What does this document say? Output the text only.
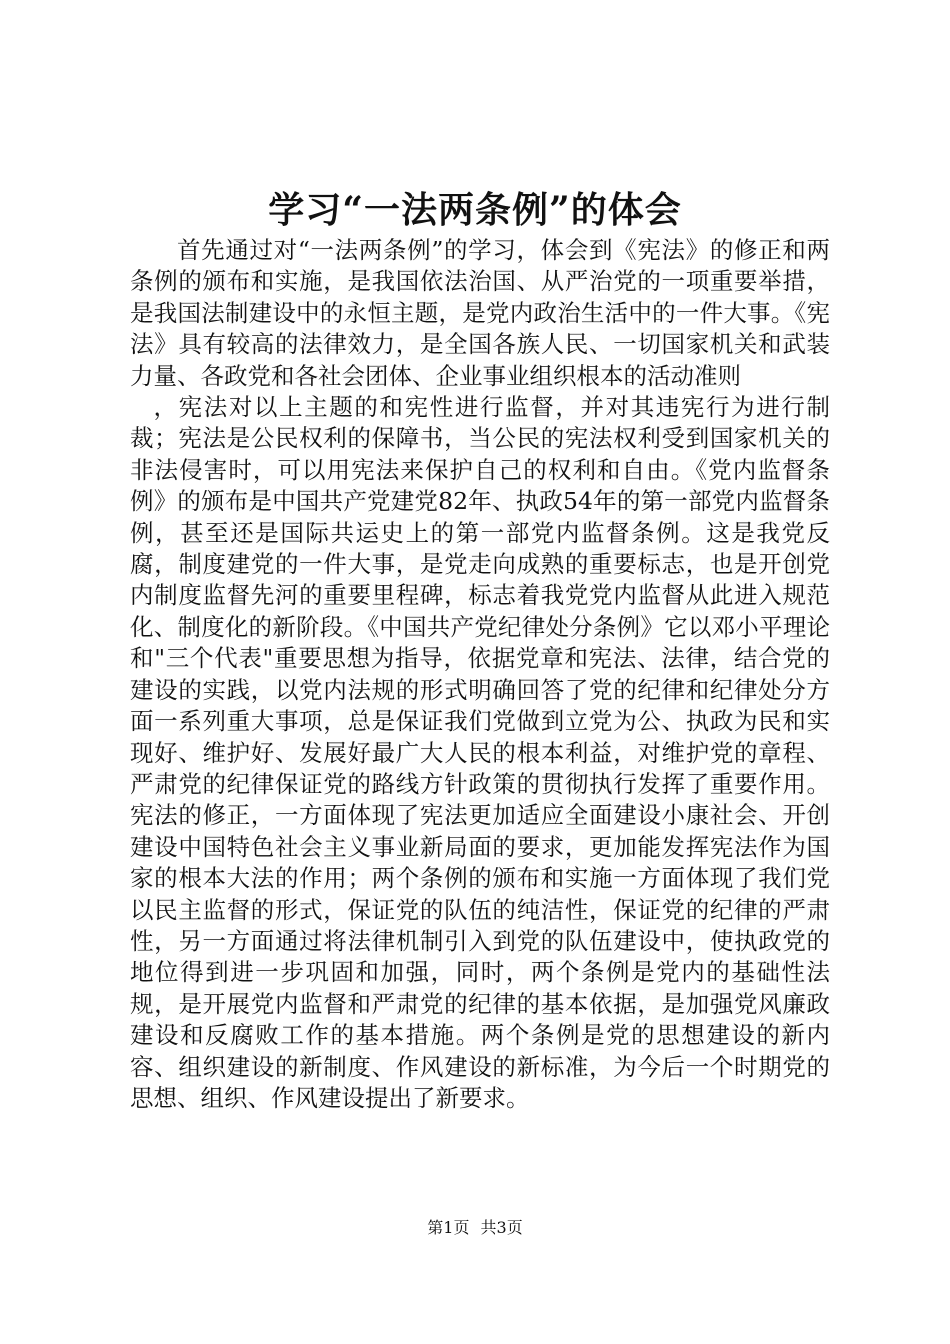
学习“一法两条例”的体会

首先通过对“一法两条例”的学习，体会到《宪法》的修正和两条例的颁布和实施，是我国依法治国、从严治党的一项重要举措，是我国法制建设中的永恒主题，是党内政治生活中的一件大事。《宪法》具有较高的法律效力，是全国各族人民、一切国家机关和武装力量、各政党和各社会团体、企业事业组织根本的活动准则

，宪法对以上主题的和宪性进行监督，并对其违宪行为进行制裁；宪法是公民权利的保障书，当公民的宪法权利受到国家机关的非法侵害时，可以用宪法来保护自己的权利和自由。《党内监督条例》的颁布是中国共产党建党82年、执政54年的第一部党内监督条例，甚至还是国际共运史上的第一部党内监督条例。这是我党反腐，制度建党的一件大事，是党走向成熟的重要标志，也是开创党内制度监督先河的重要里程碑，标志着我党党内监督从此进入规范化、制度化的新阶段。《中国共产党纪律处分条例》它以邓小平理论和"三个代表"重要思想为指导，依据党章和宪法、法律，结合党的建设的实践，以党内法规的形式明确回答了党的纪律和纪律处分方面一系列重大事项，总是保证我们党做到立党为公、执政为民和实现好、维护好、发展好最广大人民的根本利益，对维护党的章程、严肃党的纪律保证党的路线方针政策的贯彻执行发挥了重要作用。宪法的修正，一方面体现了宪法更加适应全面建设小康社会、开创建设中国特色社会主义事业新局面的要求，更加能发挥宪法作为国家的根本大法的作用；两个条例的颁布和实施一方面体现了我们党以民主监督的形式，保证党的队伍的纯洁性，保证党的纪律的严肃性，另一方面通过将法律机制引入到党的队伍建设中，使执政党的地位得到进一步巩固和加强，同时，两个条例是党内的基础性法规，是开展党内监督和严肃党的纪律的基本依据，是加强党风廉政建设和反腐败工作的基本措施。两个条例是党的思想建设的新内容、组织建设的新制度、作风建设的新标准，为今后一个时期党的思想、组织、作风建设提出了新要求。

第1页 共3页
